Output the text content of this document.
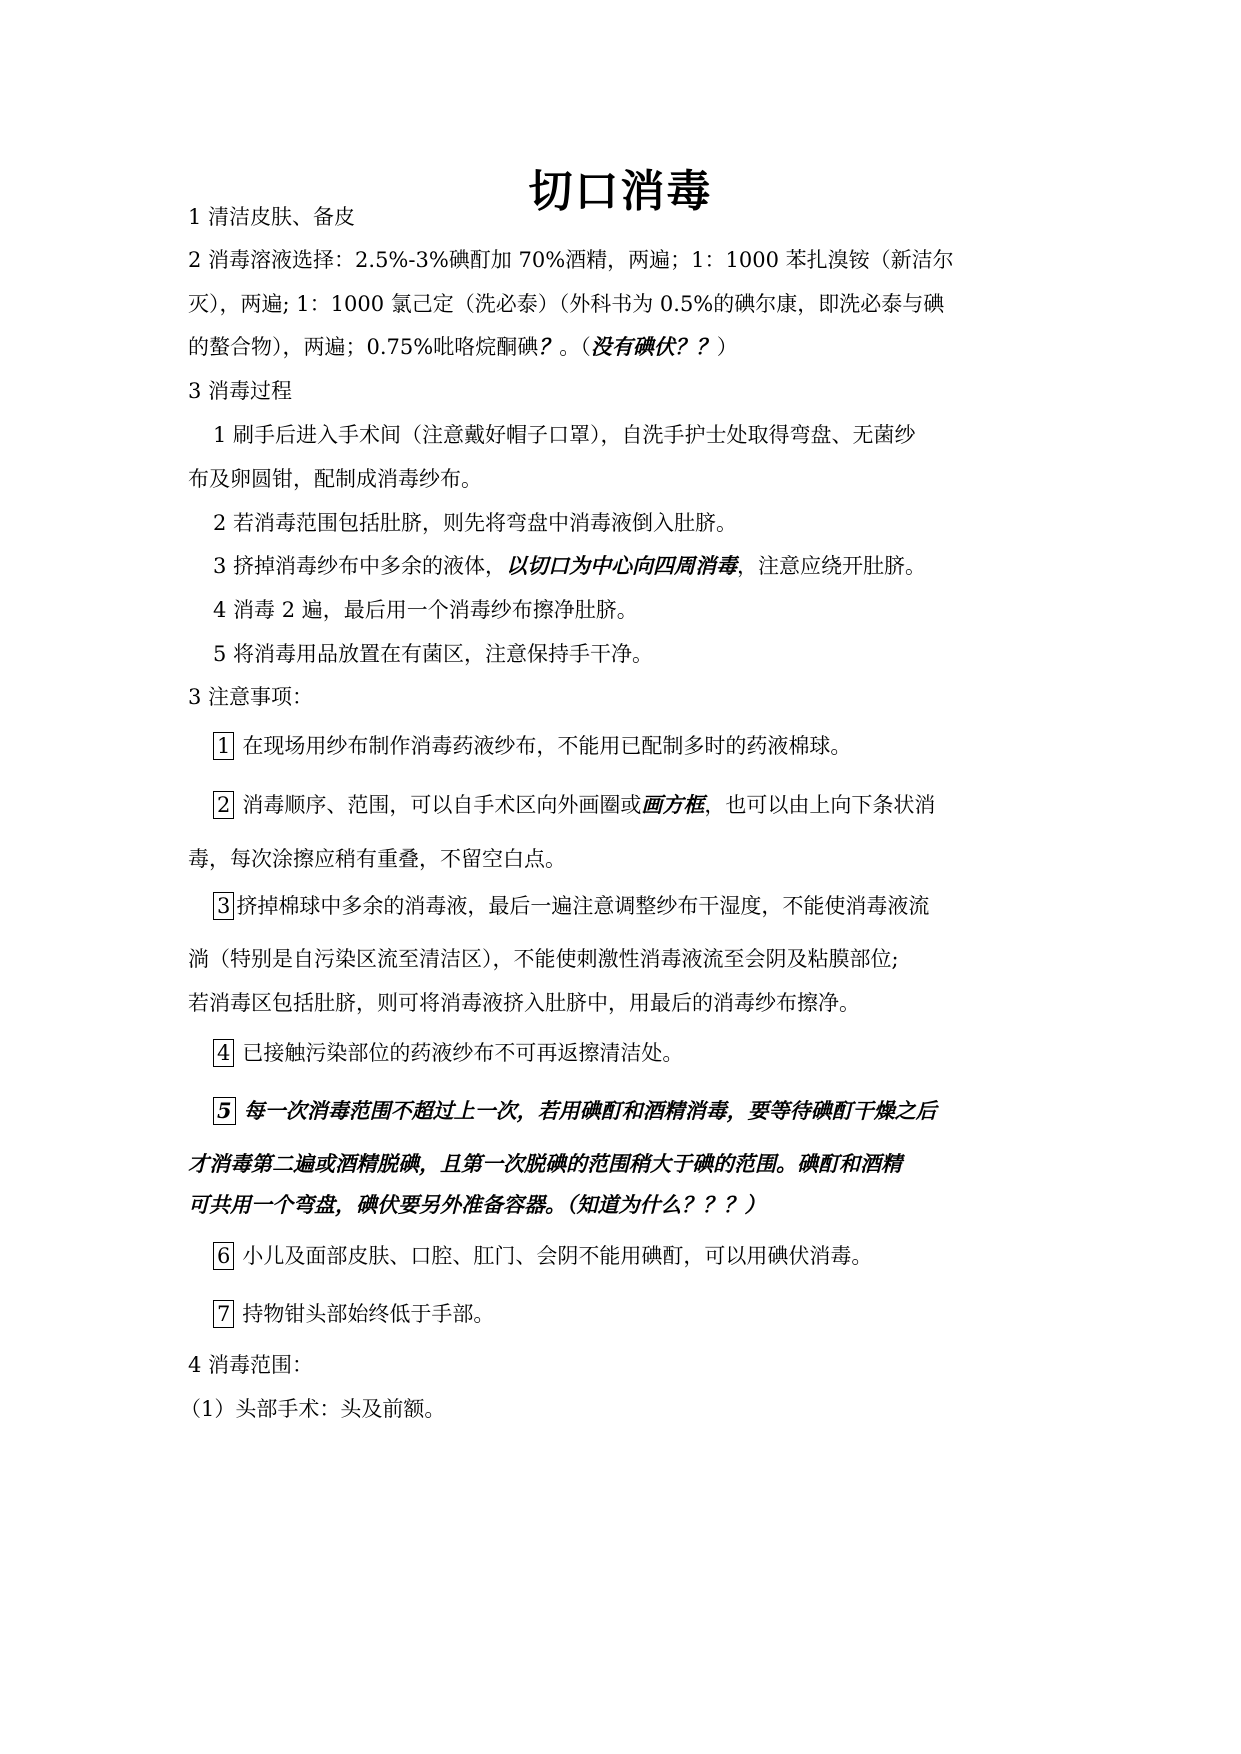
切口消毒
1 清洁皮肤、备皮
2 消毒溶液选择：2.5%-3%碘酊加 70%酒精，两遍；1：1000 苯扎溴铵（新洁尔
灭），两遍; 1：1000 氯己定（洗必泰）（外科书为 0.5%的碘尔康，即洗必泰与碘
的螯合物），两遍；0.75%吡咯烷酮碘？。（没有碘伏？？）
3 消毒过程
1 刷手后进入手术间（注意戴好帽子口罩），自洗手护士处取得弯盘、无菌纱
布及卵圆钳，配制成消毒纱布。
2 若消毒范围包括肚脐，则先将弯盘中消毒液倒入肚脐。
3 挤掉消毒纱布中多余的液体，以切口为中心向四周消毒，注意应绕开肚脐。
4 消毒 2 遍，最后用一个消毒纱布擦净肚脐。
5 将消毒用品放置在有菌区，注意保持手干净。
3 注意事项：
1 在现场用纱布制作消毒药液纱布，不能用已配制多时的药液棉球。
2 消毒顺序、范围，可以自手术区向外画圈或画方框，也可以由上向下条状消
毒，每次涂擦应稍有重叠，不留空白点。
3 挤掉棉球中多余的消毒液，最后一遍注意调整纱布干湿度，不能使消毒液流
淌（特别是自污染区流至清洁区），不能使刺激性消毒液流至会阴及粘膜部位;
若消毒区包括肚脐，则可将消毒液挤入肚脐中，用最后的消毒纱布擦净。
4 已接触污染部位的药液纱布不可再返擦清洁处。
5 每一次消毒范围不超过上一次，若用碘酊和酒精消毒，要等待碘酊干燥之后
才消毒第二遍或酒精脱碘，且第一次脱碘的范围稍大于碘的范围。碘酊和酒精
可共用一个弯盘，碘伏要另外准备容器。（知道为什么？？？）
6 小儿及面部皮肤、口腔、肛门、会阴不能用碘酊，可以用碘伏消毒。
7 持物钳头部始终低于手部。
4 消毒范围：
（1）头部手术：头及前额。
